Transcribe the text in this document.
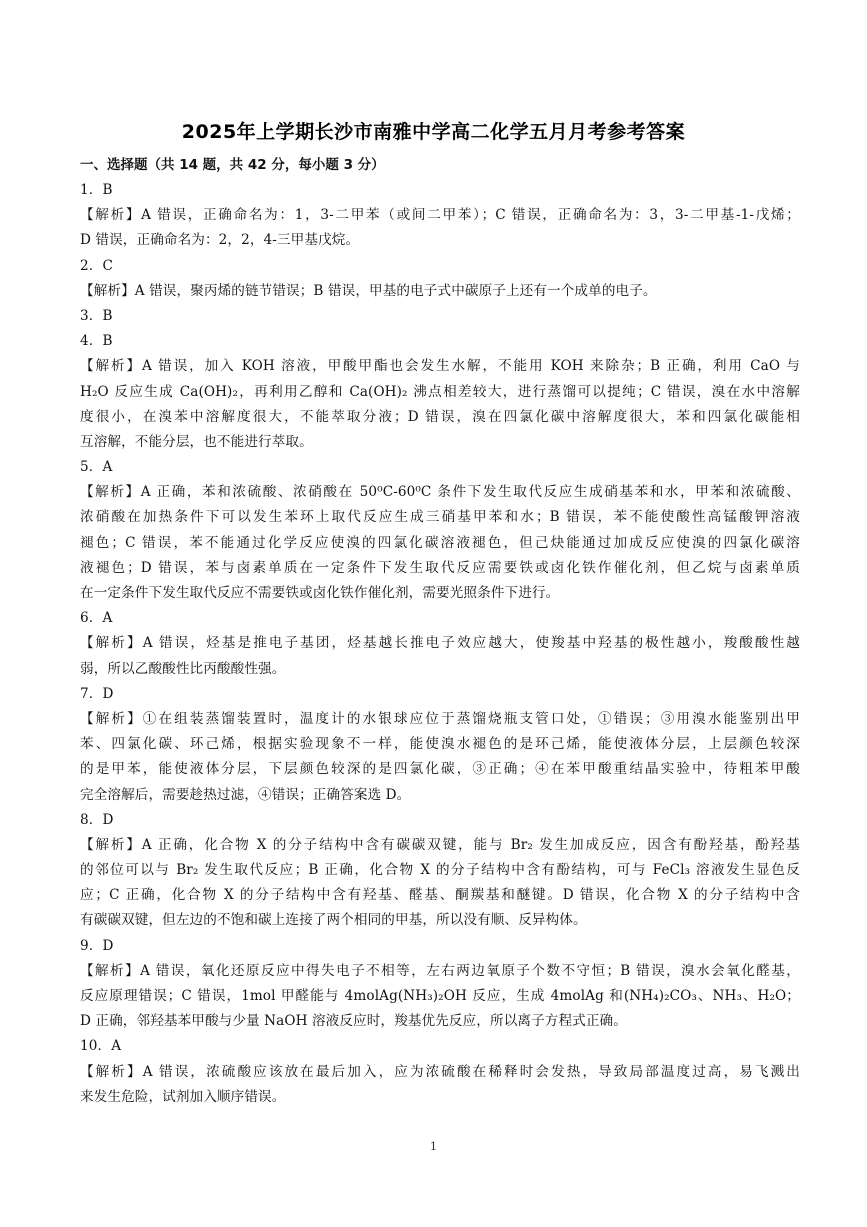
2025年上学期长沙市南雅中学高二化学五月月考参考答案
一、选择题（共 14 题，共 42 分，每小题 3 分）
1．B
【解析】A 错误，正确命名为：1，3-二甲苯（或间二甲苯）；C 错误，正确命名为：3，3-二甲基-1-戊烯；
D 错误，正确命名为：2，2，4-三甲基戊烷。
2．C
【解析】A 错误，聚丙烯的链节错误；B 错误，甲基的电子式中碳原子上还有一个成单的电子。
3．B
4．B
【解析】A 错误，加入 KOH 溶液，甲酸甲酯也会发生水解，不能用 KOH 来除杂；B 正确，利用 CaO 与
H₂O 反应生成 Ca(OH)₂，再利用乙醇和 Ca(OH)₂ 沸点相差较大，进行蒸馏可以提纯；C 错误，溴在水中溶解
度很小，在溴苯中溶解度很大，不能萃取分液；D 错误，溴在四氯化碳中溶解度很大，苯和四氯化碳能相
互溶解，不能分层，也不能进行萃取。
5．A
【解析】A 正确，苯和浓硫酸、浓硝酸在 50⁰C-60⁰C 条件下发生取代反应生成硝基苯和水，甲苯和浓硫酸、
浓硝酸在加热条件下可以发生苯环上取代反应生成三硝基甲苯和水；B 错误，苯不能使酸性高锰酸钾溶液
褪色；C 错误，苯不能通过化学反应使溴的四氯化碳溶液褪色，但己炔能通过加成反应使溴的四氯化碳溶
液褪色；D 错误，苯与卤素单质在一定条件下发生取代反应需要铁或卤化铁作催化剂，但乙烷与卤素单质
在一定条件下发生取代反应不需要铁或卤化铁作催化剂，需要光照条件下进行。
6．A
【解析】A 错误，烃基是推电子基团，烃基越长推电子效应越大，使羧基中羟基的极性越小，羧酸酸性越
弱，所以乙酸酸性比丙酸酸性强。
7．D
【解析】①在组装蒸馏装置时，温度计的水银球应位于蒸馏烧瓶支管口处，①错误；③用溴水能鉴别出甲
苯、四氯化碳、环己烯，根据实验现象不一样，能使溴水褪色的是环己烯，能使液体分层，上层颜色较深
的是甲苯，能使液体分层，下层颜色较深的是四氯化碳，③正确；④在苯甲酸重结晶实验中，待粗苯甲酸
完全溶解后，需要趁热过滤，④错误；正确答案选 D。
8．D
【解析】A 正确，化合物 X 的分子结构中含有碳碳双键，能与 Br₂ 发生加成反应，因含有酚羟基，酚羟基
的邻位可以与 Br₂ 发生取代反应；B 正确，化合物 X 的分子结构中含有酚结构，可与 FeCl₃ 溶液发生显色反
应；C 正确，化合物 X 的分子结构中含有羟基、醛基、酮羰基和醚键。D 错误，化合物 X 的分子结构中含
有碳碳双键，但左边的不饱和碳上连接了两个相同的甲基，所以没有顺、反异构体。
9．D
【解析】A 错误，氧化还原反应中得失电子不相等，左右两边氧原子个数不守恒；B 错误，溴水会氧化醛基，
反应原理错误；C 错误，1mol 甲醛能与 4molAg(NH₃)₂OH 反应，生成 4molAg 和(NH₄)₂CO₃、NH₃、H₂O；
D 正确，邻羟基苯甲酸与少量 NaOH 溶液反应时，羧基优先反应，所以离子方程式正确。
10．A
【解析】A 错误，浓硫酸应该放在最后加入，应为浓硫酸在稀释时会发热，导致局部温度过高，易飞溅出
来发生危险，试剂加入顺序错误。
1
